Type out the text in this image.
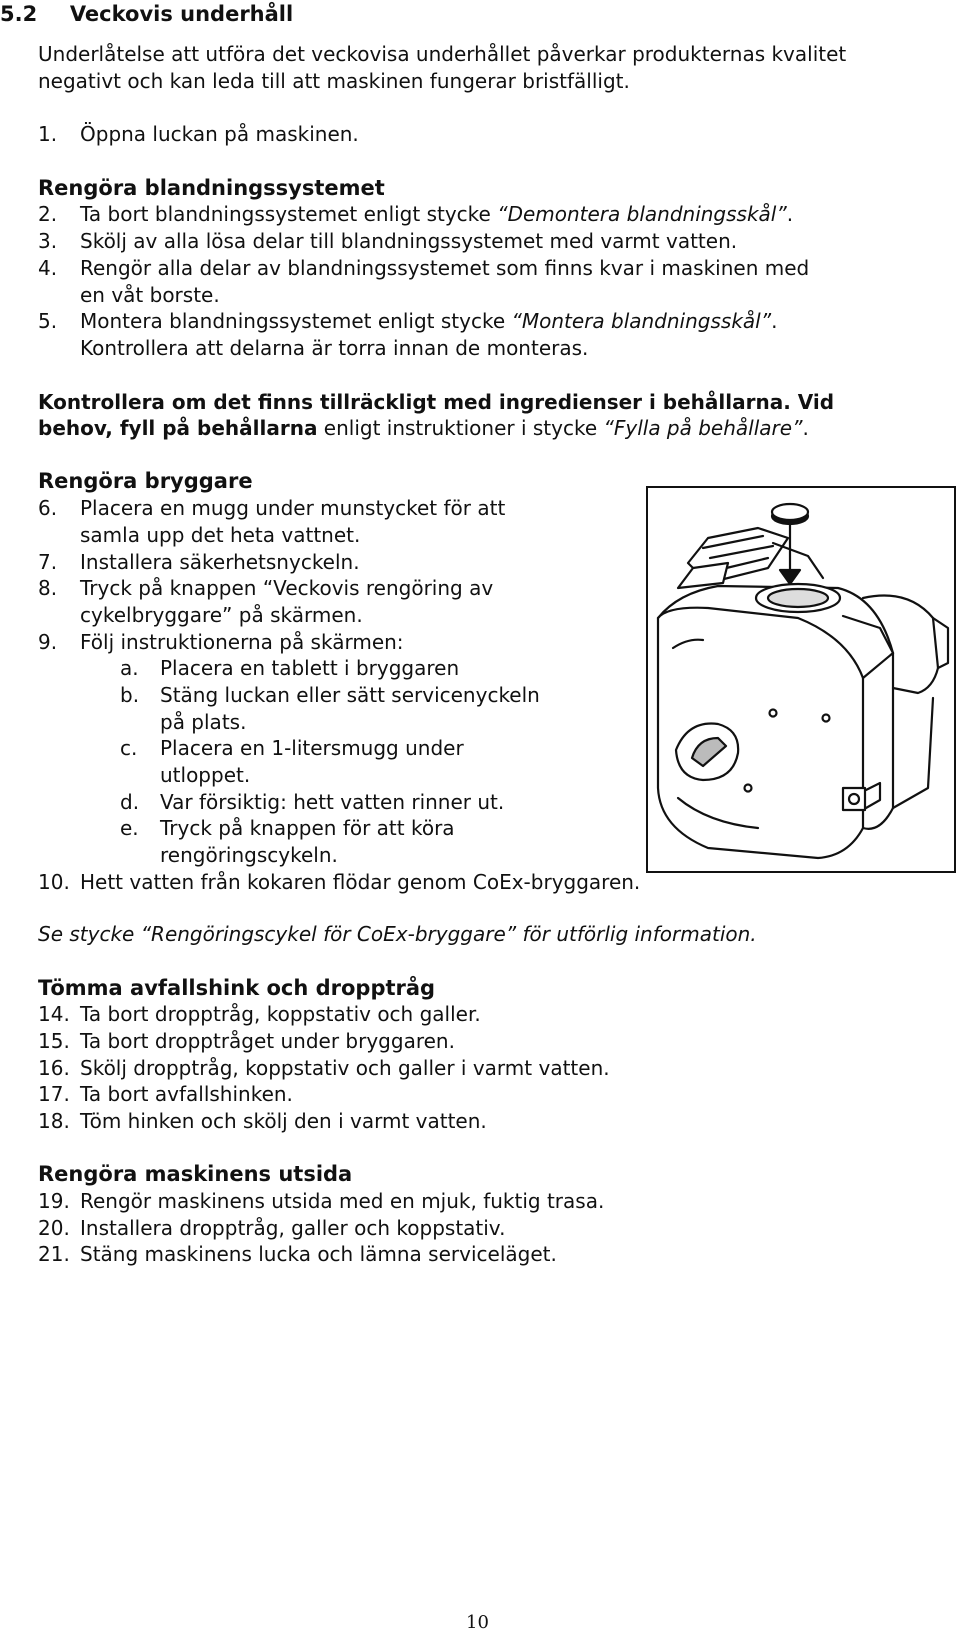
5.2 Veckovis underhåll
Underlåtelse att utföra det veckovisa underhållet påverkar produkternas kvalitet
negativt och kan leda till att maskinen fungerar bristfälligt.
1. Öppna luckan på maskinen.
Rengöra blandningssystemet
2. Ta bort blandningssystemet enligt stycke “Demontera blandningsskål”.
3. Skölj av alla lösa delar till blandningssystemet med varmt vatten.
4. Rengör alla delar av blandningssystemet som finns kvar i maskinen med
en våt borste.
5. Montera blandningssystemet enligt stycke “Montera blandningsskål”.
Kontrollera att delarna är torra innan de monteras.
Kontrollera om det finns tillräckligt med ingredienser i behållarna. Vid
behov, fyll på behållarna enligt instruktioner i stycke “Fylla på behållare”.
Rengöra bryggare
6. Placera en mugg under munstycket för att
samla upp det heta vattnet.
7. Installera säkerhetsnyckeln.
8. Tryck på knappen “Veckovis rengöring av
cykelbryggare” på skärmen.
9. Följ instruktionerna på skärmen:
a. Placera en tablett i bryggaren
b. Stäng luckan eller sätt servicenyckeln
på plats.
c. Placera en 1-litersmugg under
utloppet.
d. Var försiktig: hett vatten rinner ut.
e. Tryck på knappen för att köra
rengöringscykeln.
10. Hett vatten från kokaren flödar genom CoEx-bryggaren.
Se stycke “Rengöringscykel för CoEx-bryggare” för utförlig information.
Tömma avfallshink och dropptråg
14. Ta bort dropptråg, koppstativ och galler.
15. Ta bort dropptråget under bryggaren.
16. Skölj dropptråg, koppstativ och galler i varmt vatten.
17. Ta bort avfallshinken.
18. Töm hinken och skölj den i varmt vatten.
Rengöra maskinens utsida
19. Rengör maskinens utsida med en mjuk, fuktig trasa.
20. Installera dropptråg, galler och koppstativ.
21. Stäng maskinens lucka och lämna serviceläget.
10
